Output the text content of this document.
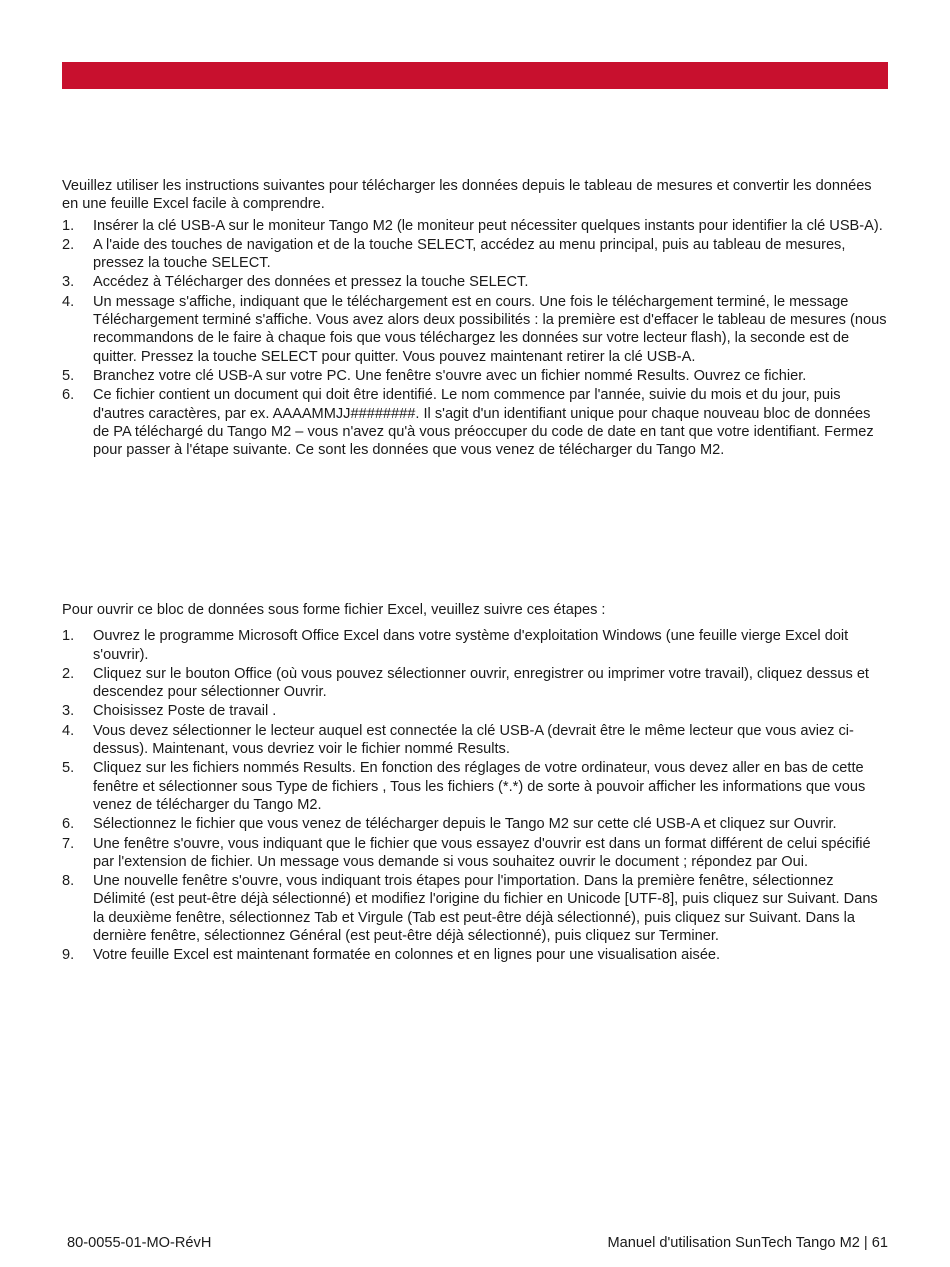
Veuillez utiliser les instructions suivantes pour télécharger les données depuis le tableau de mesures et convertir les données en une feuille Excel facile à comprendre.

1.	Insérer la clé USB-A sur le moniteur Tango M2 (le moniteur peut nécessiter quelques instants pour identifier la clé USB-A).
2.	A l'aide des touches de navigation et de la touche SELECT, accédez au menu principal, puis au tableau de mesures, pressez la touche SELECT.
3.	Accédez à Télécharger des données et pressez la touche SELECT.
4.	Un message s'affiche, indiquant que le téléchargement est en cours. Une fois le téléchargement terminé, le message Téléchargement terminé s'affiche. Vous avez alors deux possibilités : la première est d'effacer le tableau de mesures (nous recommandons de le faire à chaque fois que vous téléchargez les données sur votre lecteur flash), la seconde est de quitter. Pressez la touche SELECT pour quitter. Vous pouvez maintenant retirer la clé USB-A.
5.	Branchez votre clé USB-A sur votre PC. Une fenêtre s'ouvre avec un fichier nommé Results. Ouvrez ce fichier.
6.	Ce fichier contient un document qui doit être identifié. Le nom commence par l'année, suivie du mois et du jour, puis d'autres caractères, par ex. AAAAMMJJ########. Il s'agit d'un identifiant unique pour chaque nouveau bloc de données de PA téléchargé du Tango M2 – vous n'avez qu'à vous préoccuper du code de date en tant que votre identifiant. Fermez pour passer à l'étape suivante. Ce sont les données que vous venez de télécharger du Tango M2.

Pour ouvrir ce bloc de données sous forme fichier Excel, veuillez suivre ces étapes :

1.	Ouvrez le programme Microsoft Office Excel dans votre système d'exploitation Windows (une feuille vierge Excel doit s'ouvrir).
2.	Cliquez sur le bouton Office (où vous pouvez sélectionner ouvrir, enregistrer ou imprimer votre travail), cliquez dessus et descendez pour sélectionner Ouvrir.
3.	Choisissez Poste de travail .
4.	Vous devez sélectionner le lecteur auquel est connectée la clé USB-A (devrait être le même lecteur que vous aviez ci-dessus). Maintenant, vous devriez voir le fichier nommé Results.
5.	Cliquez sur les fichiers nommés Results. En fonction des réglages de votre ordinateur, vous devez aller en bas de cette fenêtre et sélectionner sous Type de fichiers , Tous les fichiers (*.*) de sorte à pouvoir afficher les informations que vous venez de télécharger du Tango M2.
6.	Sélectionnez le fichier que vous venez de télécharger depuis le Tango M2 sur cette clé USB-A et cliquez sur Ouvrir.
7.	Une fenêtre s'ouvre, vous indiquant que le fichier que vous essayez d'ouvrir est dans un format différent de celui spécifié par l'extension de fichier. Un message vous demande si vous souhaitez ouvrir le document ; répondez par Oui.
8.	Une nouvelle fenêtre s'ouvre, vous indiquant trois étapes pour l'importation. Dans la première fenêtre, sélectionnez Délimité (est peut-être déjà sélectionné) et modifiez l'origine du fichier en Unicode [UTF-8], puis cliquez sur Suivant. Dans la deuxième fenêtre, sélectionnez Tab et Virgule (Tab est peut-être déjà sélectionné), puis cliquez sur Suivant. Dans la dernière fenêtre, sélectionnez Général (est peut-être déjà sélectionné), puis cliquez sur Terminer.
9.	Votre feuille Excel est maintenant formatée en colonnes et en lignes pour une visualisation aisée.
80-0055-01-MO-RévH	Manuel d'utilisation SunTech Tango M2 | 61
